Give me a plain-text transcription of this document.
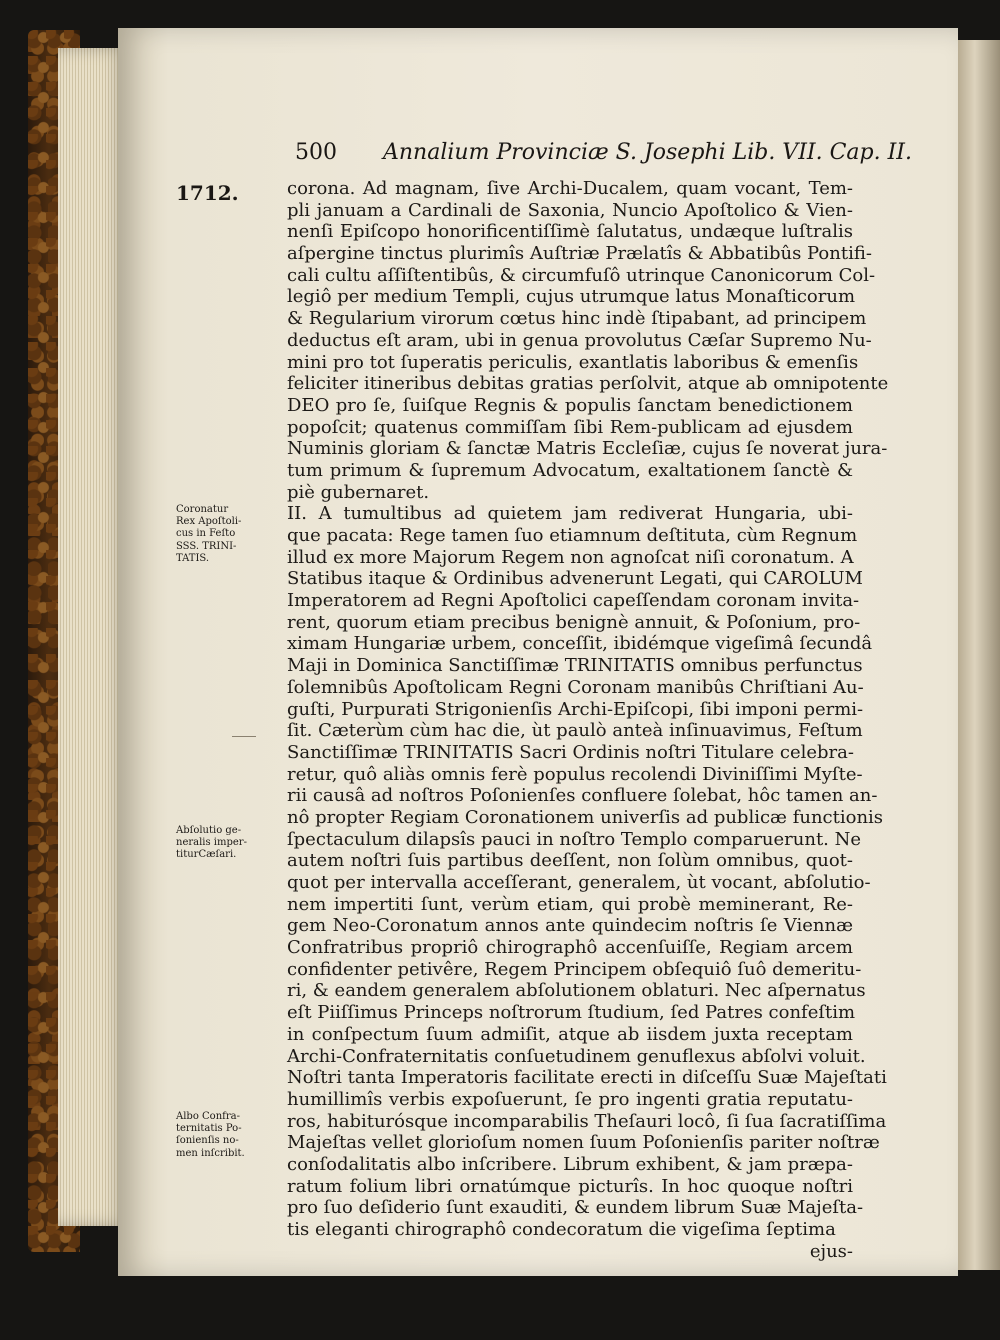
500 Annalium Provinciæ S. Josephi Lib. VII. Cap. II.
1712.	corona. Ad magnam, ſive Archi-Ducalem, quam vocant, Tem-
pli januam a Cardinali de Saxonia, Nuncio Apoſtolico & Vien-
nenſi Epiſcopo honorificentiſſimè ſalutatus, undæque luſtralis
aſpergine tinctus plurimîs Auſtriæ Prælatîs & Abbatibûs Pontifi-
cali cultu aſſiſtentibûs, & circumfuſô utrinque Canonicorum Col-
legiô per medium Templi, cujus utrumque latus Monaſticorum
& Regularium virorum cœtus hinc indè ſtipabant, ad principem
deductus eſt aram, ubi in genua provolutus Cæſar Supremo Nu-
mini pro tot ſuperatis periculis, exantlatis laboribus & emenſis
feliciter itineribus debitas gratias perſolvit, atque ab omnipotente
DEO pro ſe, ſuiſque Regnis & populis ſanctam benedictionem
popoſcit; quatenus commiſſam ſibi Rem-publicam ad ejusdem
Numinis gloriam & ſanctæ Matris Eccleſiæ, cujus ſe noverat jura-
tum primum & ſupremum Advocatum, exaltationem ſanctè &
piè gubernaret.
II. A tumultibus ad quietem jam rediverat Hungaria, ubi-
que pacata: Rege tamen ſuo etiamnum deſtituta, cùm Regnum
illud ex more Majorum Regem non agnoſcat niſi coronatum. A
Statibus itaque & Ordinibus advenerunt Legati, qui CAROLUM
Imperatorem ad Regni Apoſtolici capeſſendam coronam invita-
rent, quorum etiam precibus benignè annuit, & Poſonium, pro-
ximam Hungariæ urbem, conceſſit, ibidémque vigeſimâ ſecundâ
Maji in Dominica Sanctiſſimæ TRINITATIS omnibus perfunctus
ſolemnibûs Apoſtolicam Regni Coronam manibûs Chriſtiani Au-
guſti, Purpurati Strigonienſis Archi-Epiſcopi, ſibi imponi permi-
ſit. Cæterùm cùm hac die, ùt paulò anteà inſinuavimus, Feſtum
Sanctiſſimæ TRINITATIS Sacri Ordinis noſtri Titulare celebra-
retur, quô aliàs omnis ferè populus recolendi Diviniſſimi Myſte-
rii causâ ad noſtros Poſonienſes confluere ſolebat, hôc tamen an-
nô propter Regiam Coronationem univerſis ad publicæ functionis
ſpectaculum dilapsîs pauci in noſtro Templo comparuerunt. Ne
autem noſtri ſuis partibus deeſſent, non ſolùm omnibus, quot-
quot per intervalla acceſſerant, generalem, ùt vocant, abſolutio-
nem impertiti ſunt, verùm etiam, qui probè meminerant, Re-
gem Neo-Coronatum annos ante quindecim noſtris ſe Viennæ
Confratribus propriô chirographô accenſuiſſe, Regiam arcem
confidenter petivêre, Regem Principem obſequiô ſuô demeritu-
ri, & eandem generalem abſolutionem oblaturi. Nec aſpernatus
eſt Piiſſimus Princeps noſtrorum ſtudium, ſed Patres confeſtim
in conſpectum ſuum admiſit, atque ab iisdem juxta receptam
Archi-Confraternitatis conſuetudinem genuflexus abſolvi voluit.
Noſtri tanta Imperatoris facilitate erecti in diſceſſu Suæ Majeſtati
humillimîs verbis expoſuerunt, ſe pro ingenti gratia reputatu-
ros, habiturósque incomparabilis Theſauri locô, ſi ſua ſacratiſſima
Majeſtas vellet glorioſum nomen ſuum Poſonienſis pariter noſtræ
conſodalitatis albo inſcribere. Librum exhibent, & jam præpa-
ratum folium libri ornatúmque picturîs. In hoc quoque noſtri
pro ſuo deſiderio ſunt exauditi, & eundem librum Suæ Majeſta-
tis eleganti chirographô condecoratum die vigeſima ſeptima
ejus-
Coronatur
Rex Apoſtoli-
cus in Feſto
SSS. TRINI-
TATIS.
Abſolutio ge-
neralis imper-
titurCæſari.
Albo Confra-
ternitatis Po-
ſonienſis no-
men inſcribit.
